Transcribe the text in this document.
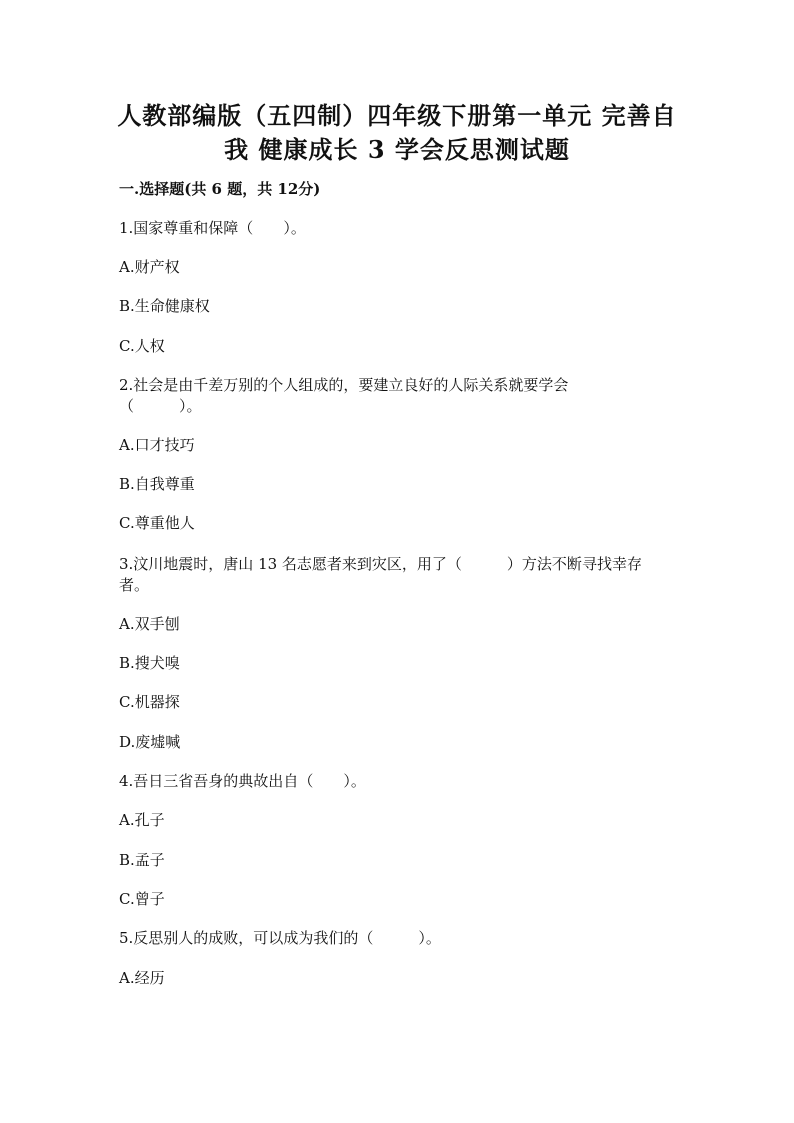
人教部编版（五四制）四年级下册第一单元 完善自
我 健康成长 3 学会反思测试题
一.选择题(共 6 题，共 12分)
1.国家尊重和保障（　　）。
A.财产权
B.生命健康权
C.人权
2.社会是由千差万别的个人组成的，要建立良好的人际关系就要学会
（　　　）。
A.口才技巧
B.自我尊重
C.尊重他人
3.汶川地震时，唐山 13 名志愿者来到灾区，用了（　　　）方法不断寻找幸存
者。
A.双手刨
B.搜犬嗅
C.机器探
D.废墟喊
4.吾日三省吾身的典故出自（　　）。
A.孔子
B.孟子
C.曾子
5.反思别人的成败，可以成为我们的（　　　）。
A.经历
